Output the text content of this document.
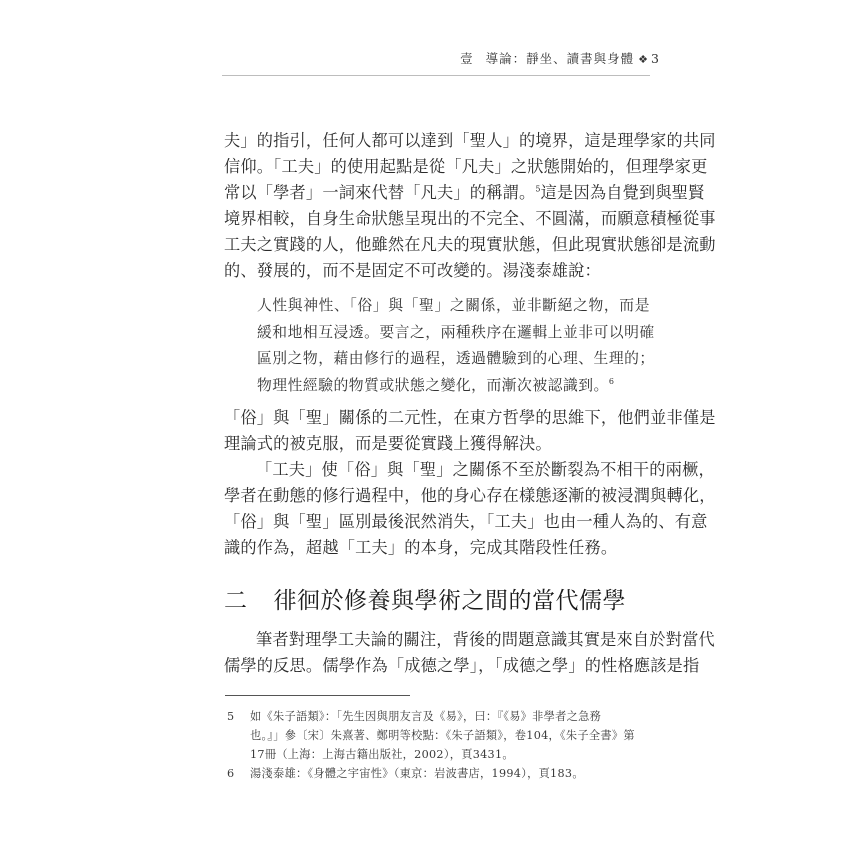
壹 導論：靜坐、讀書與身體 ❖ 3
夫」的指引，任何人都可以達到「聖人」的境界，這是理學家的共同
信仰。「工夫」的使用起點是從「凡夫」之狀態開始的，但理學家更
常以「學者」一詞來代替「凡夫」的稱謂。$^5$這是因為自覺到與聖賢
境界相較，自身生命狀態呈現出的不完全、不圓滿，而願意積極從事
工夫之實踐的人，他雖然在凡夫的現實狀態，但此現實狀態卻是流動
的、發展的，而不是固定不可改變的。湯淺泰雄說：
人性與神性、「俗」與「聖」之關係，並非斷絕之物，而是
緩和地相互浸透。要言之，兩種秩序在邏輯上並非可以明確
區別之物，藉由修行的過程，透過體驗到的心理、生理的；
物理性經驗的物質或狀態之變化，而漸次被認識到。$^6$
「俗」與「聖」關係的二元性，在東方哲學的思維下，他們並非僅是
理論式的被克服，而是要從實踐上獲得解決。
「工夫」使「俗」與「聖」之關係不至於斷裂為不相干的兩橛，
學者在動態的修行過程中，他的身心存在樣態逐漸的被浸潤與轉化，
「俗」與「聖」區別最後泯然消失，「工夫」也由一種人為的、有意
識的作為，超越「工夫」的本身，完成其階段性任務。
二 徘徊於修養與學術之間的當代儒學
筆者對理學工夫論的關注，背後的問題意識其實是來自於對當代
儒學的反思。儒學作為「成德之學」，「成德之學」的性格應該是指
5 如《朱子語類》：「先生因與朋友言及《易》，曰：『《易》非學者之急務
也。』」參〔宋〕朱熹著、鄭明等校點：《朱子語類》，卷104，《朱子全書》第
17冊（上海：上海古籍出版社，2002），頁3431。
6 湯淺泰雄：《身體之宇宙性》（東京：岩波書店，1994），頁183。
